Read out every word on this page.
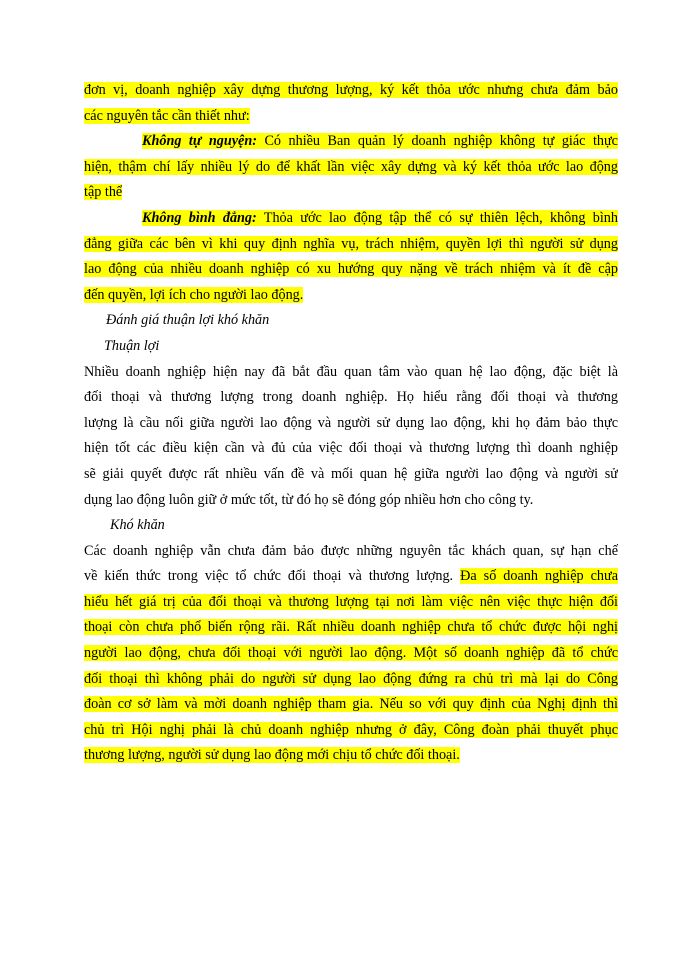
đơn vị, doanh nghiệp xây dựng thương lượng, ký kết thỏa ước nhưng chưa đảm bảo
các nguyên tắc cần thiết như:
Không tự nguyện: Có nhiều Ban quản lý doanh nghiệp không tự giác thực
hiện, thậm chí lấy nhiều lý do để khất lần việc xây dựng và ký kết thỏa ước lao động
tập thể
Không bình đẳng: Thỏa ước lao động tập thể có sự thiên lệch, không bình
đẳng giữa các bên vì khi quy định nghĩa vụ, trách nhiệm, quyền lợi thì người sử dụng
lao động của nhiều doanh nghiệp có xu hướng quy nặng về trách nhiệm và ít đề cập
đến quyền, lợi ích cho người lao động.
Đánh giá thuận lợi khó khăn
Thuận lợi
Nhiều doanh nghiệp hiện nay đã bắt đầu quan tâm vào quan hệ lao động, đặc biệt là
đối thoại và thương lượng trong doanh nghiệp. Họ hiểu rằng đối thoại và thương
lượng là cầu nối giữa người lao động và người sử dụng lao động, khi họ đảm bảo thực
hiện tốt các điều kiện cần và đủ của việc đối thoại và thương lượng thì doanh nghiệp
sẽ giải quyết được rất nhiều vấn đề và mối quan hệ giữa người lao động và người sử
dụng lao động luôn giữ ở mức tốt, từ đó họ sẽ đóng góp nhiều hơn cho công ty.
Khó khăn
Các doanh nghiệp vẫn chưa đảm bảo được những nguyên tắc khách quan, sự hạn chế
về kiến thức trong việc tổ chức đối thoại và thương lượng. Đa số doanh nghiệp chưa
hiểu hết giá trị của đối thoại và thương lượng tại nơi làm việc nên việc thực hiện đối
thoại còn chưa phổ biến rộng rãi. Rất nhiều doanh nghiệp chưa tổ chức được hội nghị
người lao động, chưa đối thoại với người lao động. Một số doanh nghiệp đã tổ chức
đối thoại thì không phải do người sử dụng lao động đứng ra chủ trì mà lại do Công
đoàn cơ sở làm và mời doanh nghiệp tham gia. Nếu so với quy định của Nghị định thì
chủ trì Hội nghị phải là chủ doanh nghiệp nhưng ở đây, Công đoàn phải thuyết phục
thương lượng, người sử dụng lao động mới chịu tổ chức đối thoại.
